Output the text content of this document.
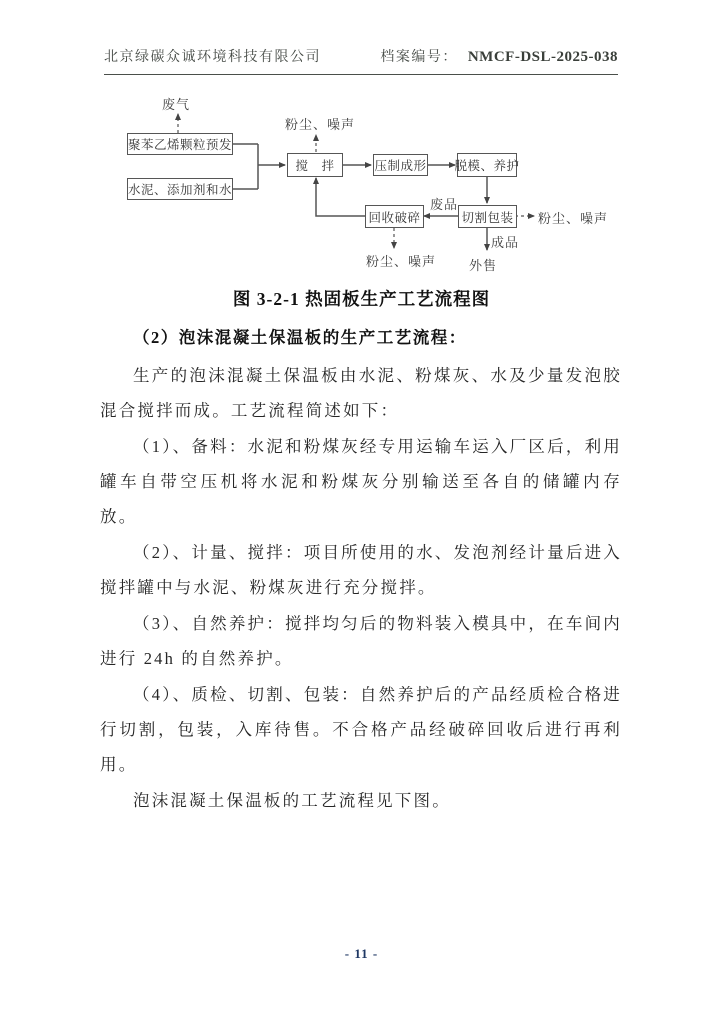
北京绿碳众诚环境科技有限公司	档案编号： NMCF-DSL-2025-038
聚苯乙烯颗粒预发
水泥、添加剂和水
搅　拌	压制成形 脱模、养护
回收破碎	切割包装
废气
粉尘、噪声
粉尘、噪声
粉尘、噪声
废品
成品
外售
图 3-2-1 热固板生产工艺流程图
（2）泡沫混凝土保温板的生产工艺流程：

生产的泡沫混凝土保温板由水泥、粉煤灰、水及少量发泡胶混合搅拌而成。工艺流程简述如下：

（1）、备料：水泥和粉煤灰经专用运输车运入厂区后，利用罐车自带空压机将水泥和粉煤灰分别输送至各自的储罐内存放。

（2）、计量、搅拌：项目所使用的水、发泡剂经计量后进入搅拌罐中与水泥、粉煤灰进行充分搅拌。

（3）、自然养护：搅拌均匀后的物料装入模具中，在车间内进行 24h 的自然养护。

（4）、质检、切割、包装：自然养护后的产品经质检合格进行切割，包装，入库待售。不合格产品经破碎回收后进行再利用。

泡沫混凝土保温板的工艺流程见下图。

- 11 -
